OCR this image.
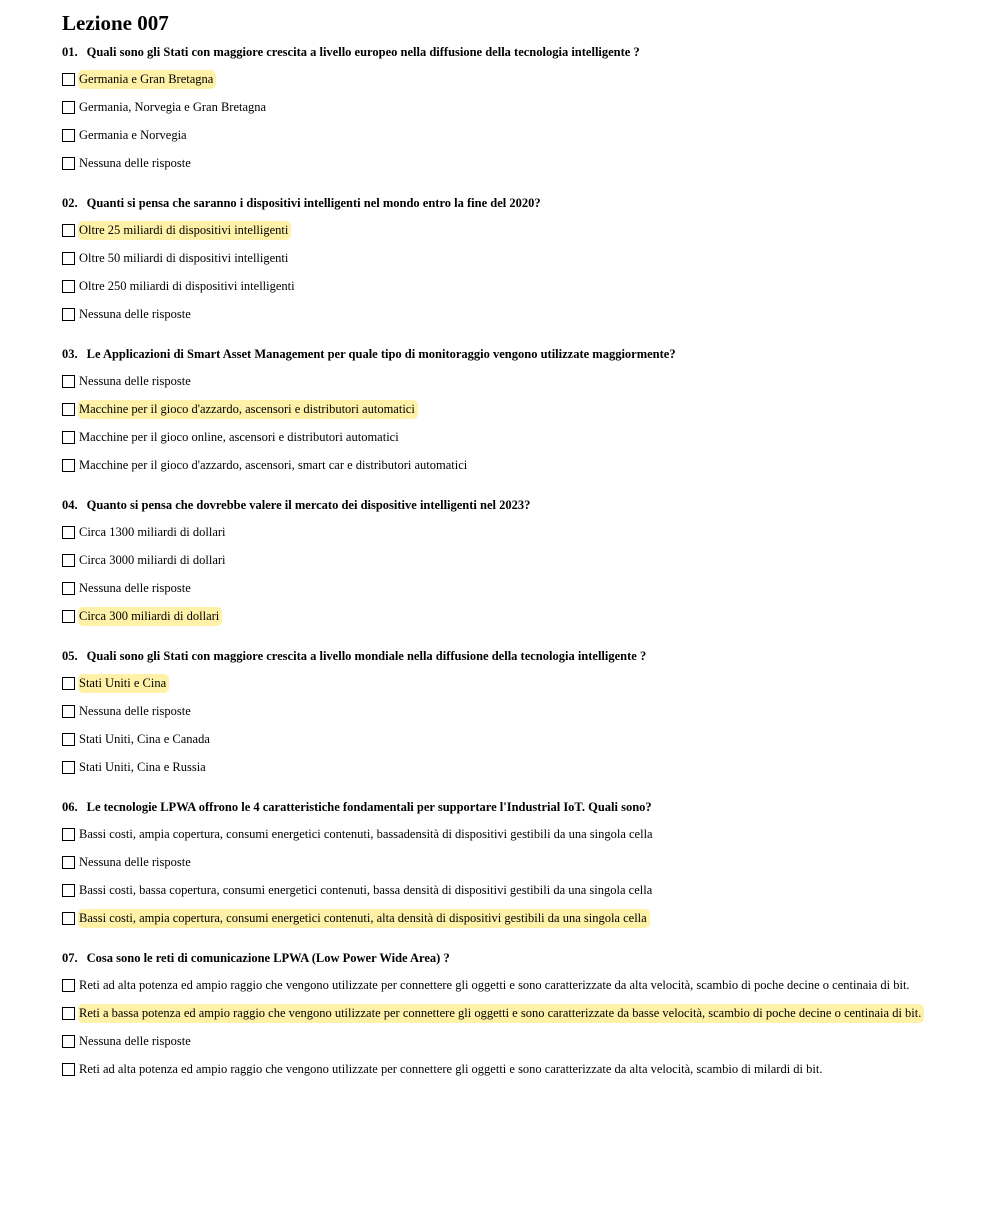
Lezione 007
01. Quali sono gli Stati con maggiore crescita a livello europeo nella diffusione della tecnologia intelligente ?
Germania e Gran Bretagna
Germania, Norvegia e Gran Bretagna
Germania e Norvegia
Nessuna delle risposte
02. Quanti si pensa che saranno i dispositivi intelligenti nel mondo entro la fine del 2020?
Oltre 25 miliardi di dispositivi intelligenti
Oltre 50 miliardi di dispositivi intelligenti
Oltre 250 miliardi di dispositivi intelligenti
Nessuna delle risposte
03. Le Applicazioni di Smart Asset Management per quale tipo di monitoraggio vengono utilizzate maggiormente?
Nessuna delle risposte
Macchine per il gioco d'azzardo, ascensori e distributori automatici
Macchine per il gioco online, ascensori e distributori automatici
Macchine per il gioco d'azzardo, ascensori, smart car e distributori automatici
04. Quanto si pensa che dovrebbe valere il mercato dei dispositive intelligenti nel 2023?
Circa 1300 miliardi di dollari
Circa 3000 miliardi di dollari
Nessuna delle risposte
Circa 300 miliardi di dollari
05. Quali sono gli Stati con maggiore crescita a livello mondiale nella diffusione della tecnologia intelligente ?
Stati Uniti e Cina
Nessuna delle risposte
Stati Uniti, Cina e Canada
Stati Uniti, Cina e Russia
06. Le tecnologie LPWA offrono le 4 caratteristiche fondamentali per supportare l'Industrial IoT. Quali sono?
Bassi costi, ampia copertura, consumi energetici contenuti, bassadensità di dispositivi gestibili da una singola cella
Nessuna delle risposte
Bassi costi, bassa copertura, consumi energetici contenuti, bassa densità di dispositivi gestibili da una singola cella
Bassi costi, ampia copertura, consumi energetici contenuti, alta densità di dispositivi gestibili da una singola cella
07. Cosa sono le reti di comunicazione LPWA (Low Power Wide Area) ?
Reti ad alta potenza ed ampio raggio che vengono utilizzate per connettere gli oggetti e sono caratterizzate da alta velocità, scambio di poche decine o centinaia di bit.
Reti a bassa potenza ed ampio raggio che vengono utilizzate per connettere gli oggetti e sono caratterizzate da basse velocità, scambio di poche decine o centinaia di bit.
Nessuna delle risposte
Reti ad alta potenza ed ampio raggio che vengono utilizzate per connettere gli oggetti e sono caratterizzate da alta velocità, scambio di milardi di bit.
